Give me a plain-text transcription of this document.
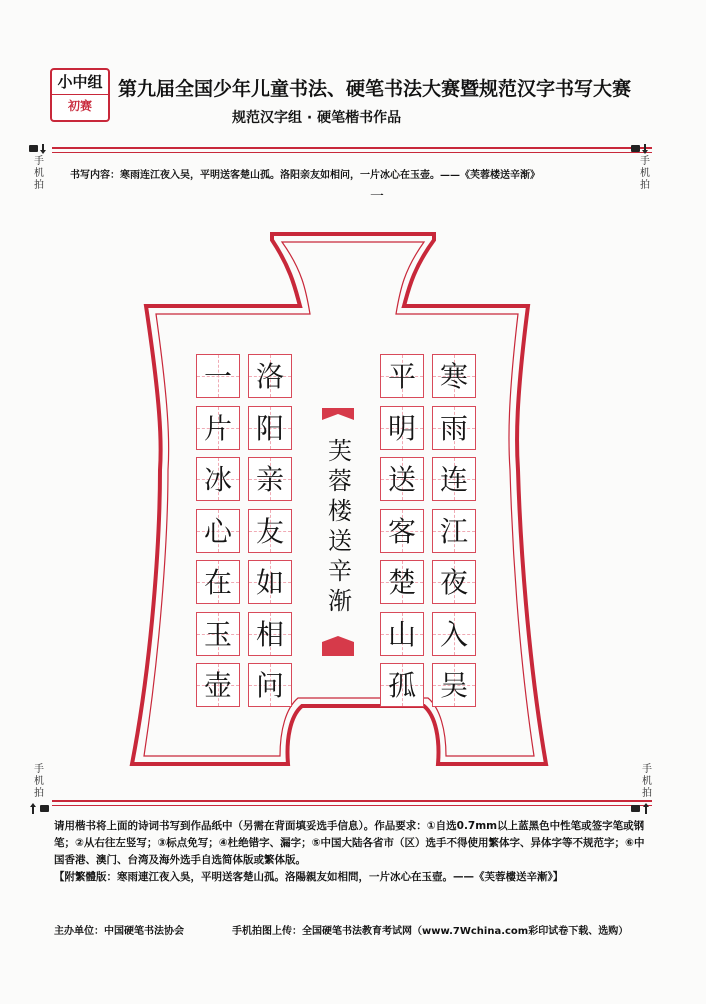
小中组
初赛
第九届全国少年儿童书法、硬笔书法大赛暨规范汉字书写大赛
规范汉字组 · 硬笔楷书作品
手
机
拍
手
机
拍
手
机
拍
手
机
拍
书写内容：寒雨连江夜入吴，平明送客楚山孤。洛阳亲友如相问，一片冰心在玉壶。——《芙蓉楼送辛渐》
一
寒
雨
连
江
夜
入
吴
平
明
送
客
楚
山
孤
洛
阳
亲
友
如
相
问
一
片
冰
心
在
玉
壶
芙
蓉
楼
送
辛
渐
请用楷书将上面的诗词书写到作品纸中（另需在背面填妥选手信息）。作品要求：①自选0.7mm以上蓝黑色中性笔或签字笔或钢笔；②从右往左竖写；③标点免写；④杜绝错字、漏字；⑤中国大陆各省市（区）选手不得使用繁体字、异体字等不规范字；⑥中国香港、澳门、台湾及海外选手自选简体版或繁体版。
【附繁體版：寒雨連江夜入吳，平明送客楚山孤。洛陽親友如相問，一片冰心在玉壺。——《芙蓉樓送辛漸》】
主办单位：中国硬笔书法协会	手机拍图上传：全国硬笔书法教育考试网（www.7Wchina.com彩印试卷下载、选购）
